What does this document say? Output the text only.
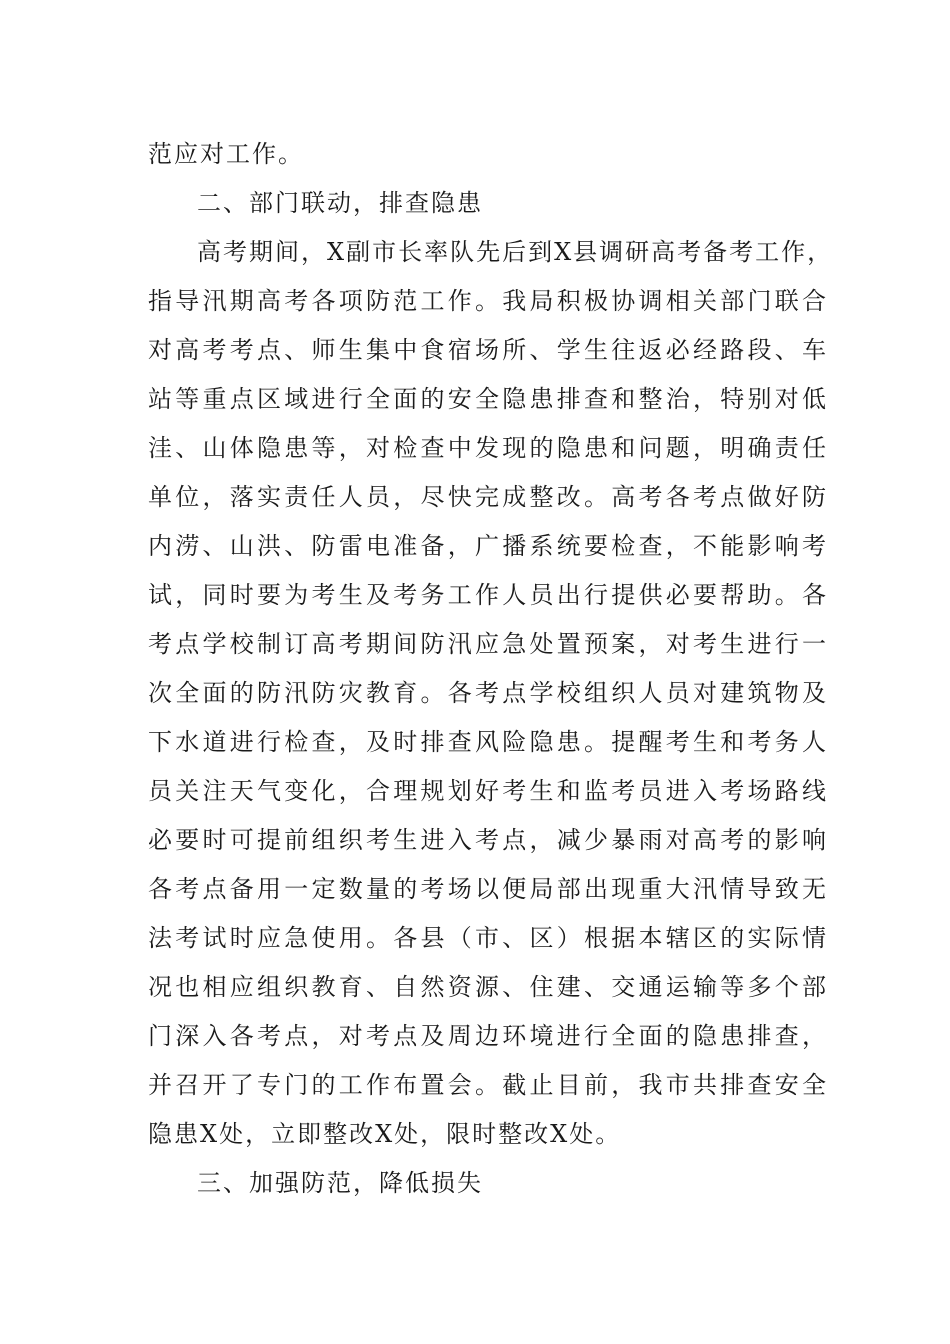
范应对工作。
二、部门联动，排查隐患
高考期间，X副市长率队先后到X县调研高考备考工作，
指导汛期高考各项防范工作。我局积极协调相关部门联合
对高考考点、师生集中食宿场所、学生往返必经路段、车
站等重点区域进行全面的安全隐患排查和整治，特别对低
洼、山体隐患等，对检查中发现的隐患和问题，明确责任
单位，落实责任人员，尽快完成整改。高考各考点做好防
内涝、山洪、防雷电准备，广播系统要检查，不能影响考
试，同时要为考生及考务工作人员出行提供必要帮助。各
考点学校制订高考期间防汛应急处置预案，对考生进行一
次全面的防汛防灾教育。各考点学校组织人员对建筑物及
下水道进行检查，及时排查风险隐患。提醒考生和考务人
员关注天气变化，合理规划好考生和监考员进入考场路线
必要时可提前组织考生进入考点，减少暴雨对高考的影响
各考点备用一定数量的考场以便局部出现重大汛情导致无
法考试时应急使用。各县（市、区）根据本辖区的实际情
况也相应组织教育、自然资源、住建、交通运输等多个部
门深入各考点，对考点及周边环境进行全面的隐患排查，
并召开了专门的工作布置会。截止目前，我市共排查安全
隐患X处，立即整改X处，限时整改X处。
三、加强防范，降低损失
